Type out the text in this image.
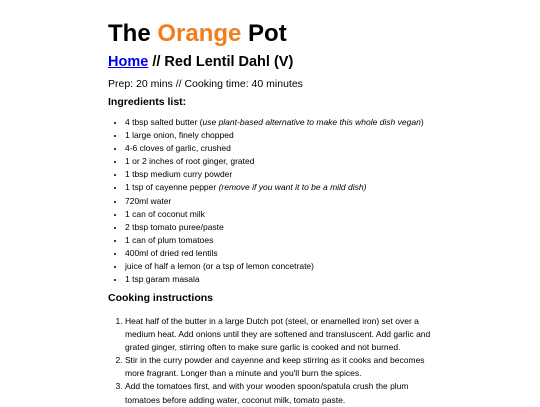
The Orange Pot
Home // Red Lentil Dahl (V)
Prep: 20 mins // Cooking time: 40 minutes
Ingredients list:
• 4 tbsp salted butter (use plant-based alternative to make this whole dish vegan)
• 1 large onion, finely chopped
• 4-6 cloves of garlic, crushed
• 1 or 2 inches of root ginger, grated
• 1 tbsp medium curry powder
• 1 tsp of cayenne pepper (remove if you want it to be a mild dish)
• 720ml water
• 1 can of coconut milk
• 2 tbsp tomato puree/paste
• 1 can of plum tomatoes
• 400ml of dried red lentils
• juice of half a lemon (or a tsp of lemon concetrate)
• 1 tsp garam masala
Cooking instructions
1. Heat half of the butter in a large Dutch pot (steel, or enamelled iron) set over a medium heat. Add onions until they are softened and transluscent. Add garlic and grated ginger, stirring often to make sure garlic is cooked and not burned.
2. Stir in the curry powder and cayenne and keep stirring as it cooks and becomes more fragrant. Longer than a minute and you'll burn the spices.
3. Add the tomatoes first, and with your wooden spoon/spatula crush the plum tomatoes before adding water, coconut milk, tomato paste.
